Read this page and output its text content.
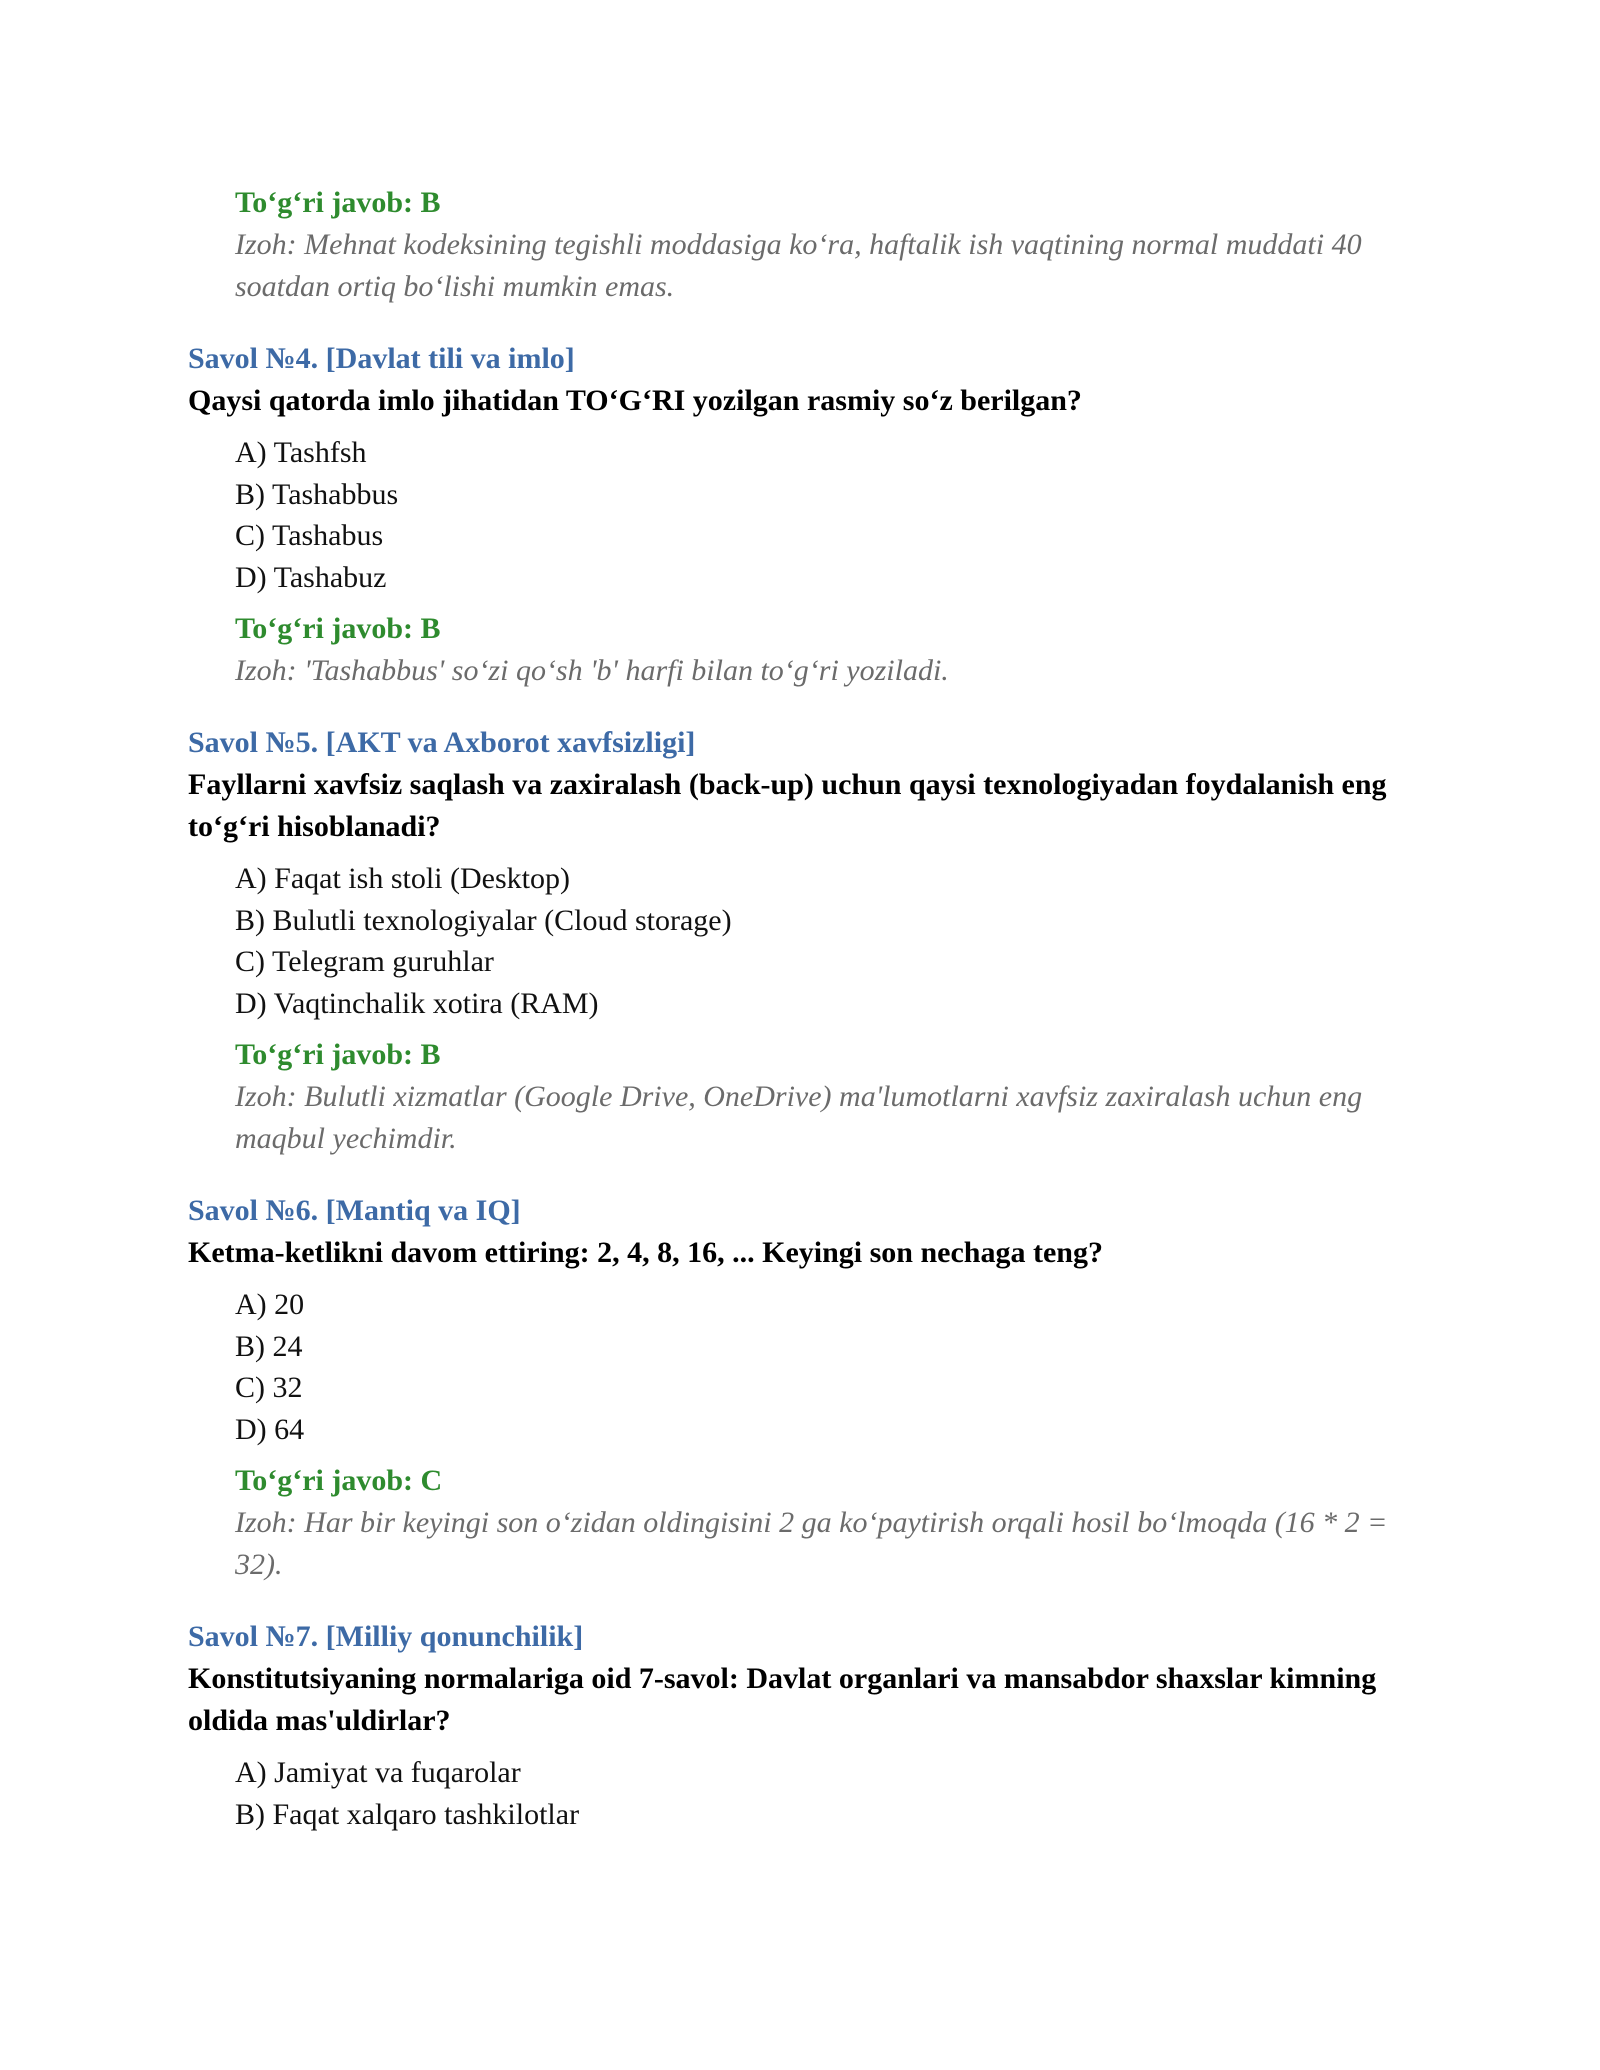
To‘g‘ri javob: B
Izoh: Mehnat kodeksining tegishli moddasiga ko‘ra, haftalik ish vaqtining normal muddati 40 soatdan ortiq bo‘lishi mumkin emas.
Savol №4. [Davlat tili va imlo]
Qaysi qatorda imlo jihatidan TO‘G‘RI yozilgan rasmiy so‘z berilgan?
A) Tashfsh
B) Tashabbus
C) Tashabus
D) Tashabuz
To‘g‘ri javob: B
Izoh: 'Tashabbus' so‘zi qo‘sh 'b' harfi bilan to‘g‘ri yoziladi.
Savol №5. [AKT va Axborot xavfsizligi]
Fayllarni xavfsiz saqlash va zaxiralash (back-up) uchun qaysi texnologiyadan foydalanish eng to‘g‘ri hisoblanadi?
A) Faqat ish stoli (Desktop)
B) Bulutli texnologiyalar (Cloud storage)
C) Telegram guruhlar
D) Vaqtinchalik xotira (RAM)
To‘g‘ri javob: B
Izoh: Bulutli xizmatlar (Google Drive, OneDrive) ma'lumotlarni xavfsiz zaxiralash uchun eng maqbul yechimdir.
Savol №6. [Mantiq va IQ]
Ketma-ketlikni davom ettiring: 2, 4, 8, 16, ... Keyingi son nechaga teng?
A) 20
B) 24
C) 32
D) 64
To‘g‘ri javob: C
Izoh: Har bir keyingi son o‘zidan oldingisini 2 ga ko‘paytirish orqali hosil bo‘lmoqda (16 * 2 = 32).
Savol №7. [Milliy qonunchilik]
Konstitutsiyaning normalariga oid 7-savol: Davlat organlari va mansabdor shaxslar kimning oldida mas'uldirlar?
A) Jamiyat va fuqarolar
B) Faqat xalqaro tashkilotlar
